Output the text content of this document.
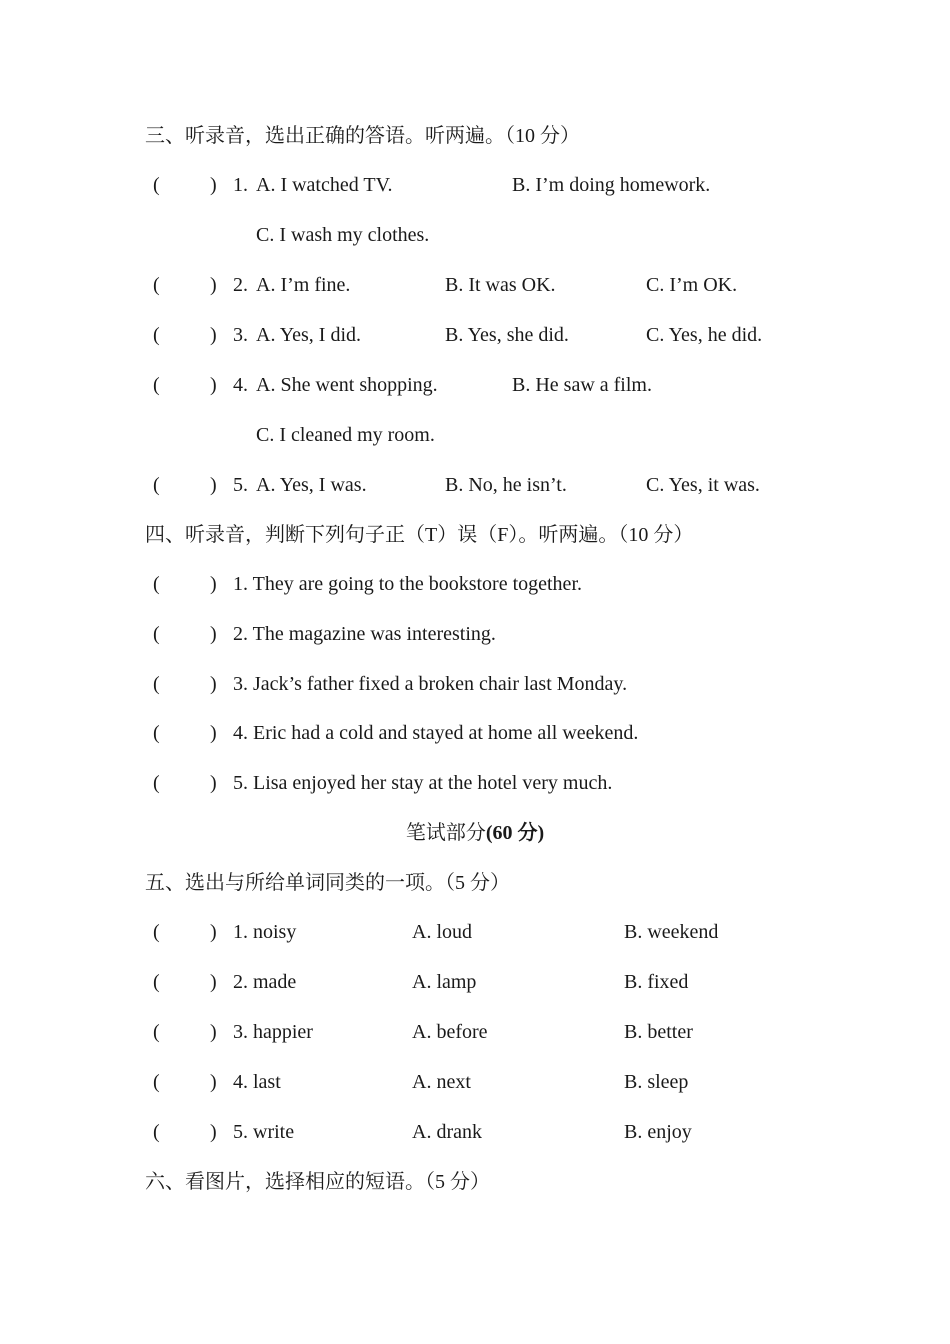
三、听录音，选出正确的答语。听两遍。（10 分）
(	) 1. A. I watched TV.	B. I’m doing homework.
C. I wash my clothes.
(	) 2. A. I’m fine.	B. It was OK.	C. I’m OK.
(	) 3. A. Yes, I did.	B. Yes, she did.	C. Yes, he did.
(	) 4. A. She went shopping.	B. He saw a film.
C. I cleaned my room.
(	) 5. A. Yes, I was.	B. No, he isn’t.	C. Yes, it was.
四、听录音，判断下列句子正（T）误（F）。听两遍。（10 分）
(	) 1. They are going to the bookstore together.
(	) 2. The magazine was interesting.
(	) 3. Jack’s father fixed a broken chair last Monday.
(	) 4. Eric had a cold and stayed at home all weekend.
(	) 5. Lisa enjoyed her stay at the hotel very much.
笔试部分(60 分)
五、选出与所给单词同类的一项。（5 分）
(	) 1. noisy	A. loud	B. weekend
(	) 2. made	A. lamp	B. fixed
(	) 3. happier	A. before	B. better
(	) 4. last	A. next	B. sleep
(	) 5. write	A. drank	B. enjoy
六、看图片，选择相应的短语。（5 分）
